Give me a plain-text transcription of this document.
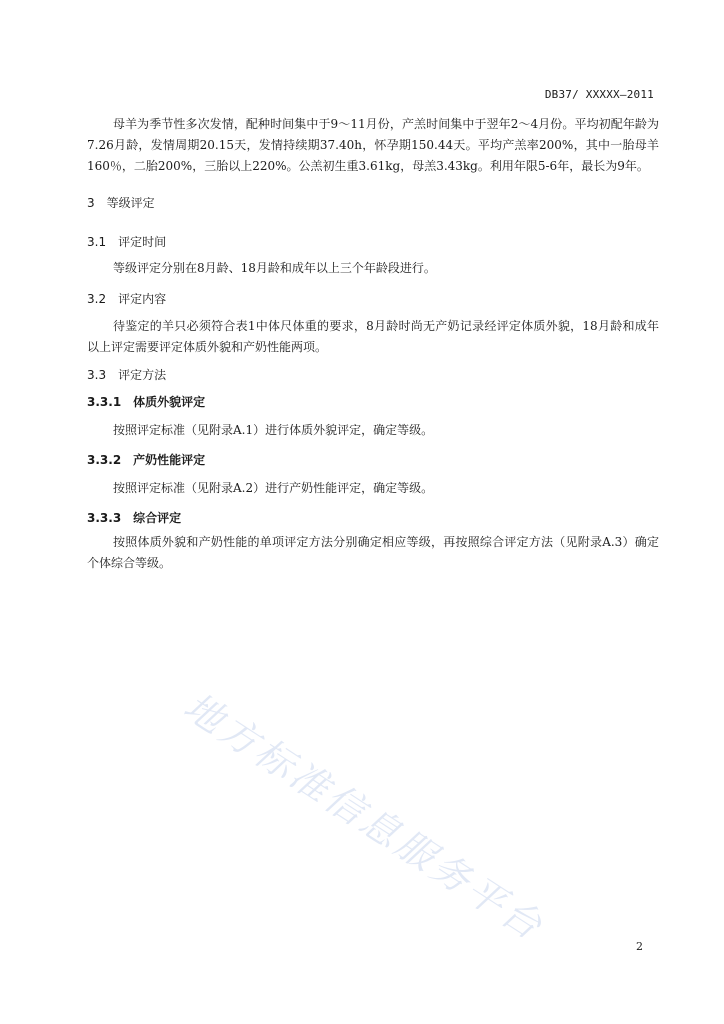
DB37/ XXXXX—2011

母羊为季节性多次发情，配种时间集中于9～11月份，产羔时间集中于翌年2～4月份。平均初配年龄为7.26月龄，发情周期20.15天，发情持续期37.40h，怀孕期150.44天。平均产羔率200%，其中一胎母羊160％，二胎200%，三胎以上220%。公羔初生重3.61kg，母羔3.43kg。利用年限5-6年，最长为9年。

3 等级评定
3.1 评定时间

等级评定分别在8月龄、18月龄和成年以上三个年龄段进行。

3.2 评定内容

待鉴定的羊只必须符合表1中体尺体重的要求，8月龄时尚无产奶记录经评定体质外貌，18月龄和成年以上评定需要评定体质外貌和产奶性能两项。

3.3 评定方法
3.3.1 体质外貌评定

按照评定标准（见附录A.1）进行体质外貌评定，确定等级。

3.3.2 产奶性能评定

按照评定标准（见附录A.2）进行产奶性能评定，确定等级。

3.3.3 综合评定

按照体质外貌和产奶性能的单项评定方法分别确定相应等级，再按照综合评定方法（见附录A.3）确定个体综合等级。

地方标准信息服务平台	2
